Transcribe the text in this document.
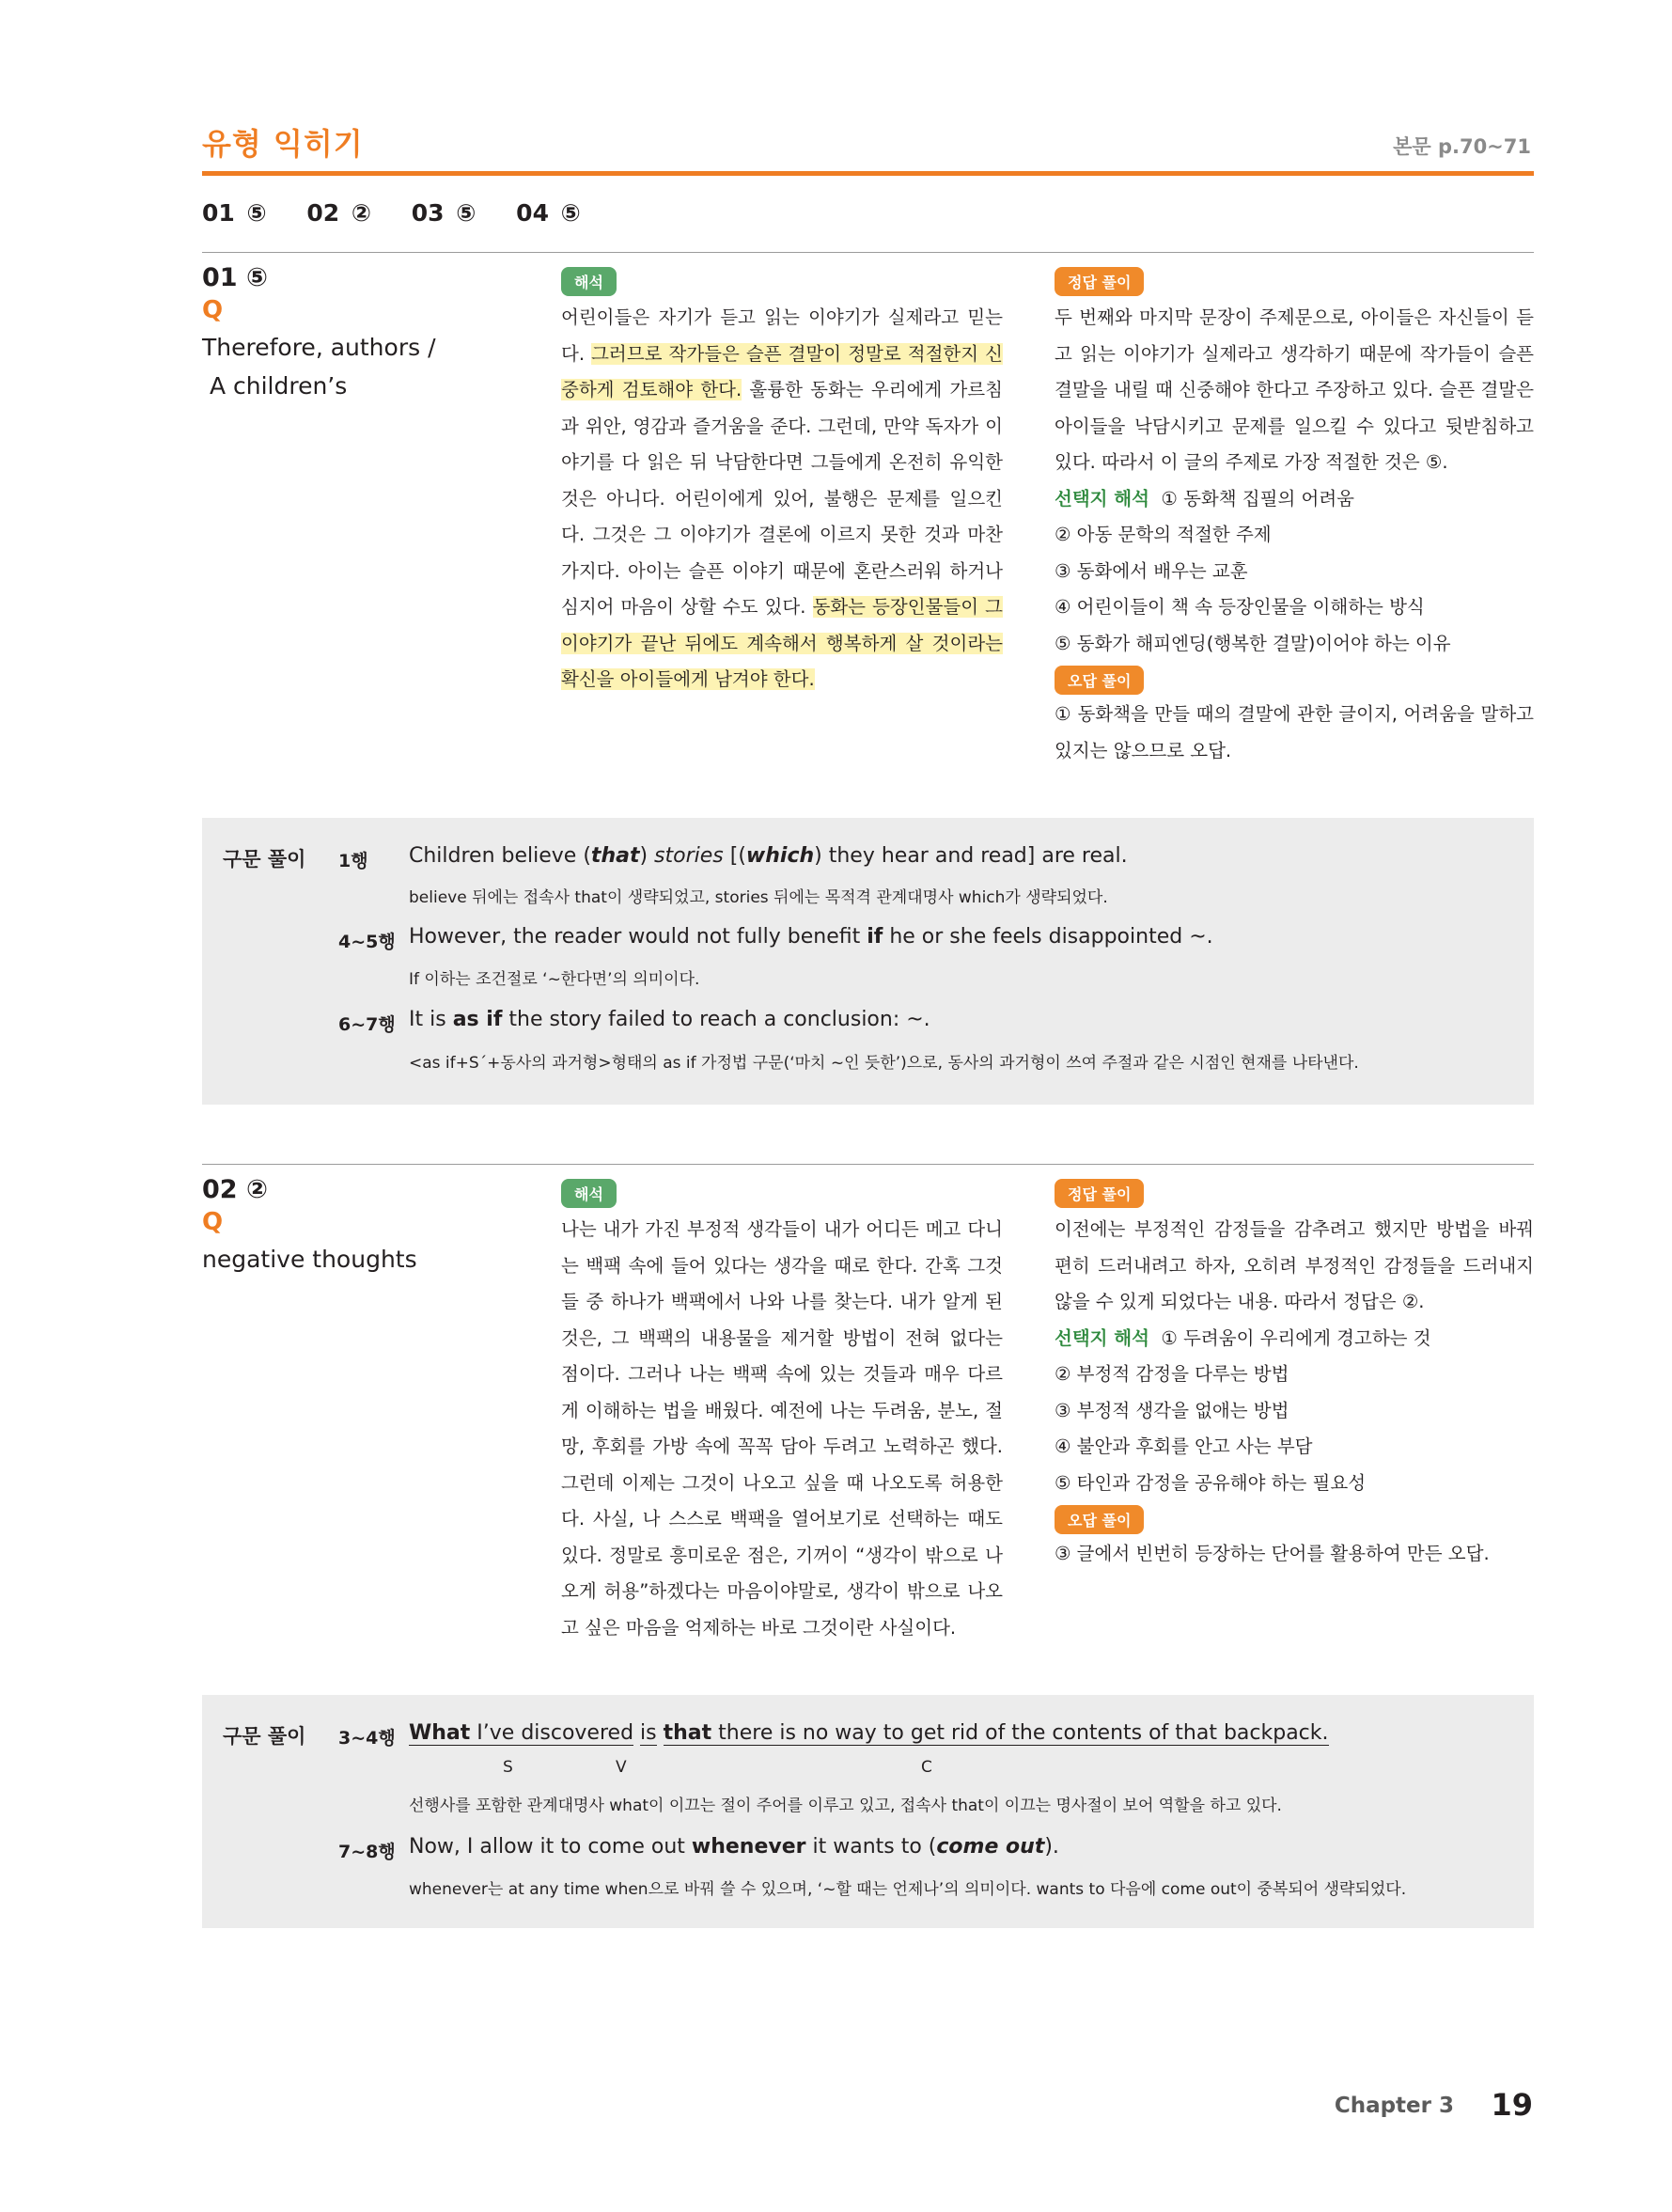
유형 익히기	본문 p.70~71
01 ⑤ 02 ② 03 ⑤ 04 ⑤
01 ⑤
Q
Therefore, authors /
A children’s
해석
어린이들은 자기가 듣고 읽는 이야기가 실제라고 믿는다. 그러므로 작가들은 슬픈 결말이 정말로 적절한지 신중하게 검토해야 한다. 훌륭한 동화는 우리에게 가르침과 위안, 영감과 즐거움을 준다. 그런데, 만약 독자가 이야기를 다 읽은 뒤 낙담한다면 그들에게 온전히 유익한 것은 아니다. 어린이에게 있어, 불행은 문제를 일으킨다. 그것은 그 이야기가 결론에 이르지 못한 것과 마찬가지다. 아이는 슬픈 이야기 때문에 혼란스러워 하거나 심지어 마음이 상할 수도 있다. 동화는 등장인물들이 그 이야기가 끝난 뒤에도 계속해서 행복하게 살 것이라는 확신을 아이들에게 남겨야 한다.
정답 풀이
두 번째와 마지막 문장이 주제문으로, 아이들은 자신들이 듣고 읽는 이야기가 실제라고 생각하기 때문에 작가들이 슬픈 결말을 내릴 때 신중해야 한다고 주장하고 있다. 슬픈 결말은 아이들을 낙담시키고 문제를 일으킬 수 있다고 뒷받침하고 있다. 따라서 이 글의 주제로 가장 적절한 것은 ⑤.
선택지 해석 ① 동화책 집필의 어려움
② 아동 문학의 적절한 주제
③ 동화에서 배우는 교훈
④ 어린이들이 책 속 등장인물을 이해하는 방식
⑤ 동화가 해피엔딩(행복한 결말)이어야 하는 이유
오답 풀이
① 동화책을 만들 때의 결말에 관한 글이지, 어려움을 말하고 있지는 않으므로 오답.
구문 풀이 1행 Children believe (that) stories [(which) they hear and read] are real.
believe 뒤에는 접속사 that이 생략되었고, stories 뒤에는 목적격 관계대명사 which가 생략되었다.
4~5행 However, the reader would not fully benefit if he or she feels disappointed ~.
If 이하는 조건절로 ‘~한다면’의 의미이다.
6~7행 It is as if the story failed to reach a conclusion: ~.
<as if+S´+동사의 과거형>형태의 as if 가정법 구문(‘마치 ~인 듯한’)으로, 동사의 과거형이 쓰여 주절과 같은 시점인 현재를 나타낸다.
02 ②
Q
negative thoughts
해석
나는 내가 가진 부정적 생각들이 내가 어디든 메고 다니는 백팩 속에 들어 있다는 생각을 때로 한다. 간혹 그것들 중 하나가 백팩에서 나와 나를 찾는다. 내가 알게 된 것은, 그 백팩의 내용물을 제거할 방법이 전혀 없다는 점이다. 그러나 나는 백팩 속에 있는 것들과 매우 다르게 이해하는 법을 배웠다. 예전에 나는 두려움, 분노, 절망, 후회를 가방 속에 꼭꼭 담아 두려고 노력하곤 했다. 그런데 이제는 그것이 나오고 싶을 때 나오도록 허용한다. 사실, 나 스스로 백팩을 열어보기로 선택하는 때도 있다. 정말로 흥미로운 점은, 기꺼이 “생각이 밖으로 나오게 허용”하겠다는 마음이야말로, 생각이 밖으로 나오고 싶은 마음을 억제하는 바로 그것이란 사실이다.
정답 풀이
이전에는 부정적인 감정들을 감추려고 했지만 방법을 바꿔 편히 드러내려고 하자, 오히려 부정적인 감정들을 드러내지 않을 수 있게 되었다는 내용. 따라서 정답은 ②.
선택지 해석 ① 두려움이 우리에게 경고하는 것
② 부정적 감정을 다루는 방법
③ 부정적 생각을 없애는 방법
④ 불안과 후회를 안고 사는 부담
⑤ 타인과 감정을 공유해야 하는 필요성
오답 풀이
③ 글에서 빈번히 등장하는 단어를 활용하여 만든 오답.
구문 풀이 3~4행 What I’ve discovered is that there is no way to get rid of the contents of that backpack.
S	V	C
선행사를 포함한 관계대명사 what이 이끄는 절이 주어를 이루고 있고, 접속사 that이 이끄는 명사절이 보어 역할을 하고 있다.
7~8행 Now, I allow it to come out whenever it wants to (come out).
whenever는 at any time when으로 바꿔 쓸 수 있으며, ‘~할 때는 언제나’의 의미이다. wants to 다음에 come out이 중복되어 생략되었다.
Chapter 3 19
